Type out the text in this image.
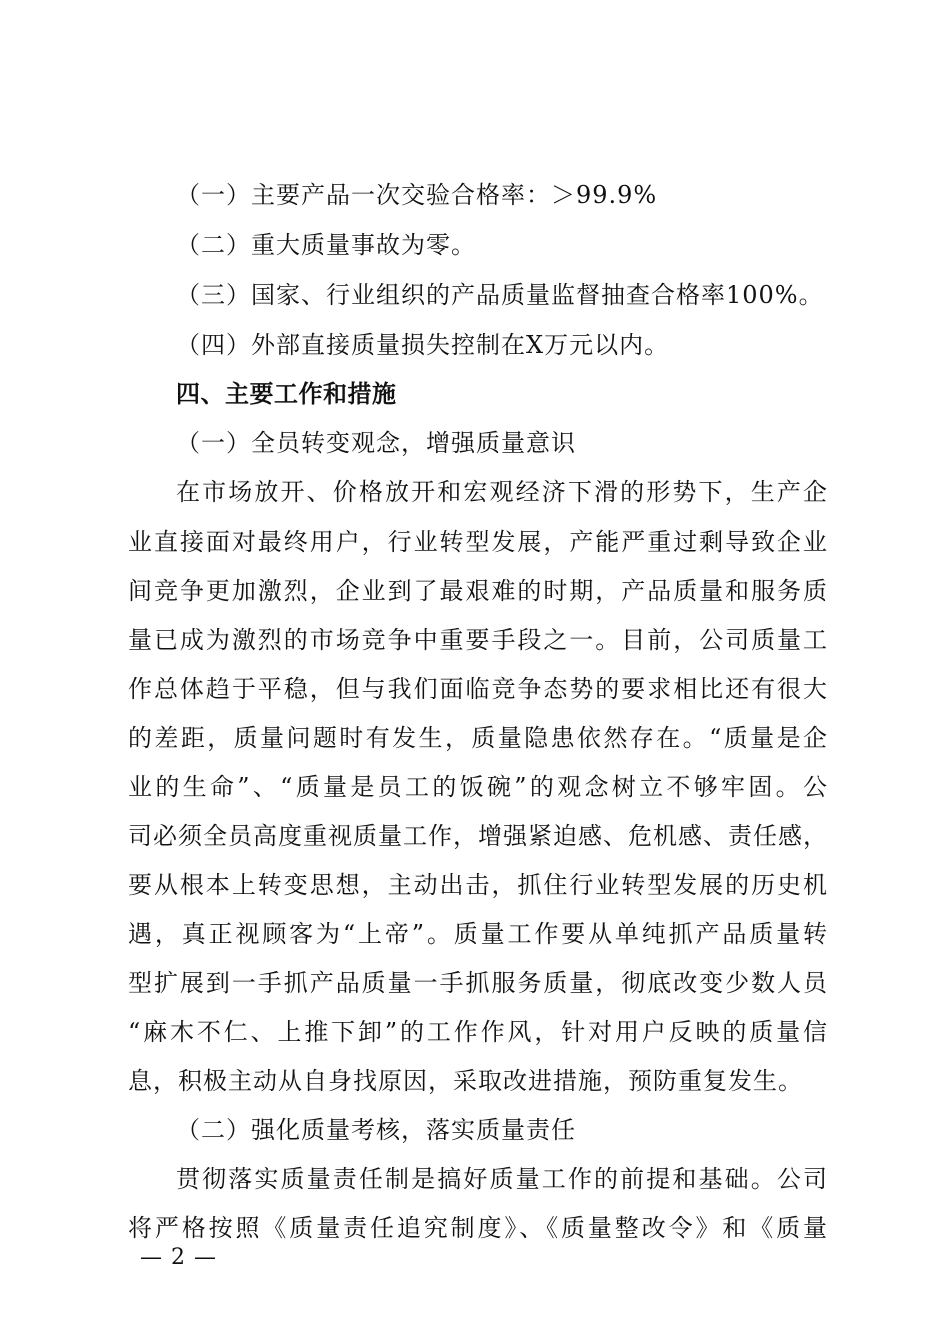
（一）主要产品一次交验合格率：＞99.9%
（二）重大质量事故为零。
（三）国家、行业组织的产品质量监督抽查合格率100%。
（四）外部直接质量损失控制在X万元以内。
四、主要工作和措施
（一）全员转变观念，增强质量意识
在市场放开、价格放开和宏观经济下滑的形势下，生产企
业直接面对最终用户，行业转型发展，产能严重过剩导致企业
间竞争更加激烈，企业到了最艰难的时期，产品质量和服务质
量已成为激烈的市场竞争中重要手段之一。目前，公司质量工
作总体趋于平稳，但与我们面临竞争态势的要求相比还有很大
的差距，质量问题时有发生，质量隐患依然存在。“质量是企
业的生命”、“质量是员工的饭碗”的观念树立不够牢固。公
司必须全员高度重视质量工作，增强紧迫感、危机感、责任感，
要从根本上转变思想，主动出击，抓住行业转型发展的历史机
遇，真正视顾客为“上帝”。质量工作要从单纯抓产品质量转
型扩展到一手抓产品质量一手抓服务质量，彻底改变少数人员
“麻木不仁、上推下卸”的工作作风，针对用户反映的质量信
息，积极主动从自身找原因，采取改进措施，预防重复发生。
（二）强化质量考核，落实质量责任
贯彻落实质量责任制是搞好质量工作的前提和基础。公司
将严格按照《质量责任追究制度》、《质量整改令》和《质量
— 2 —
